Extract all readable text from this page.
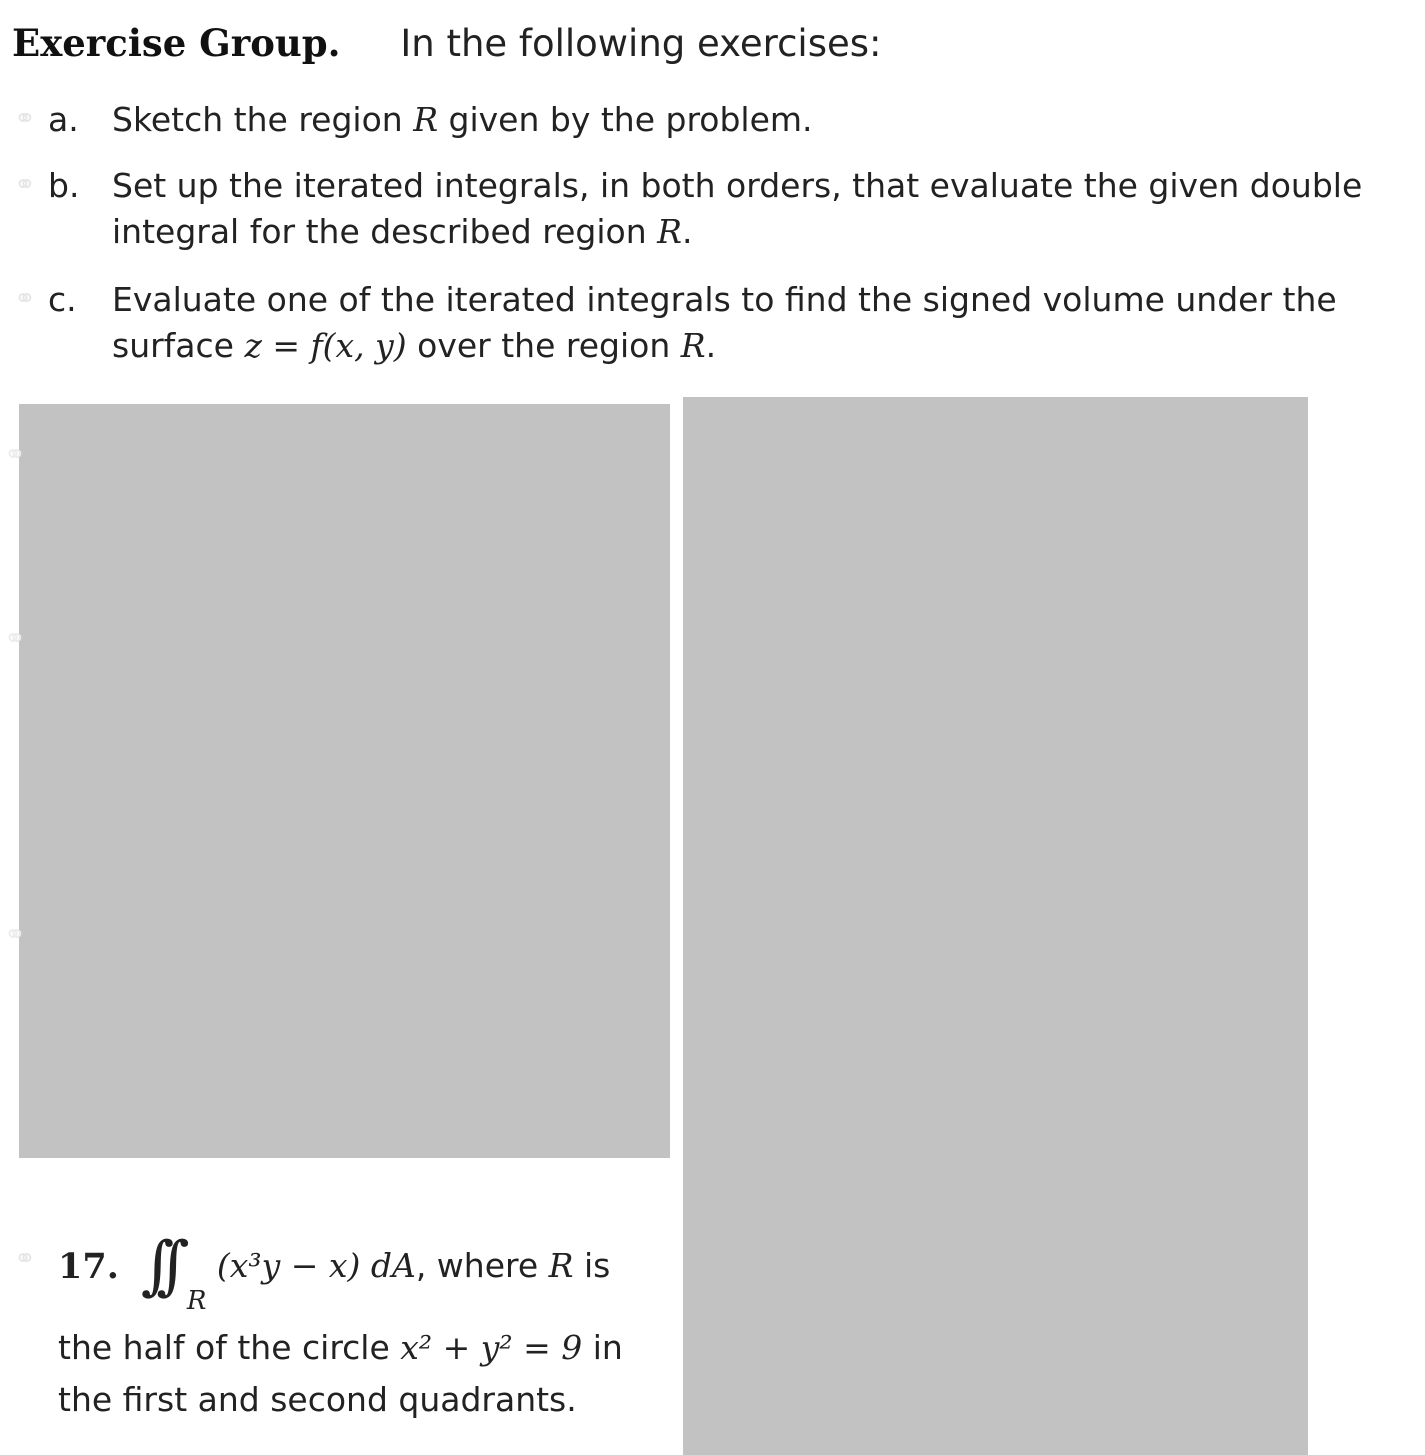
Exercise Group. In the following exercises:
⚭ a. Sketch the region R given by the problem.
⚭ b. Set up the iterated integrals, in both orders, that evaluate the given double integral for the described region R.
⚭ c.	Evaluate one of the iterated integrals to find the signed volume under the surface z = f(x, y) over the region R.
⚭
⚭
⚭
⚭ 17. ∫∫ R
(x³y − x) dA, where R is
the half of the circle x² + y² = 9 in
the first and second quadrants.
